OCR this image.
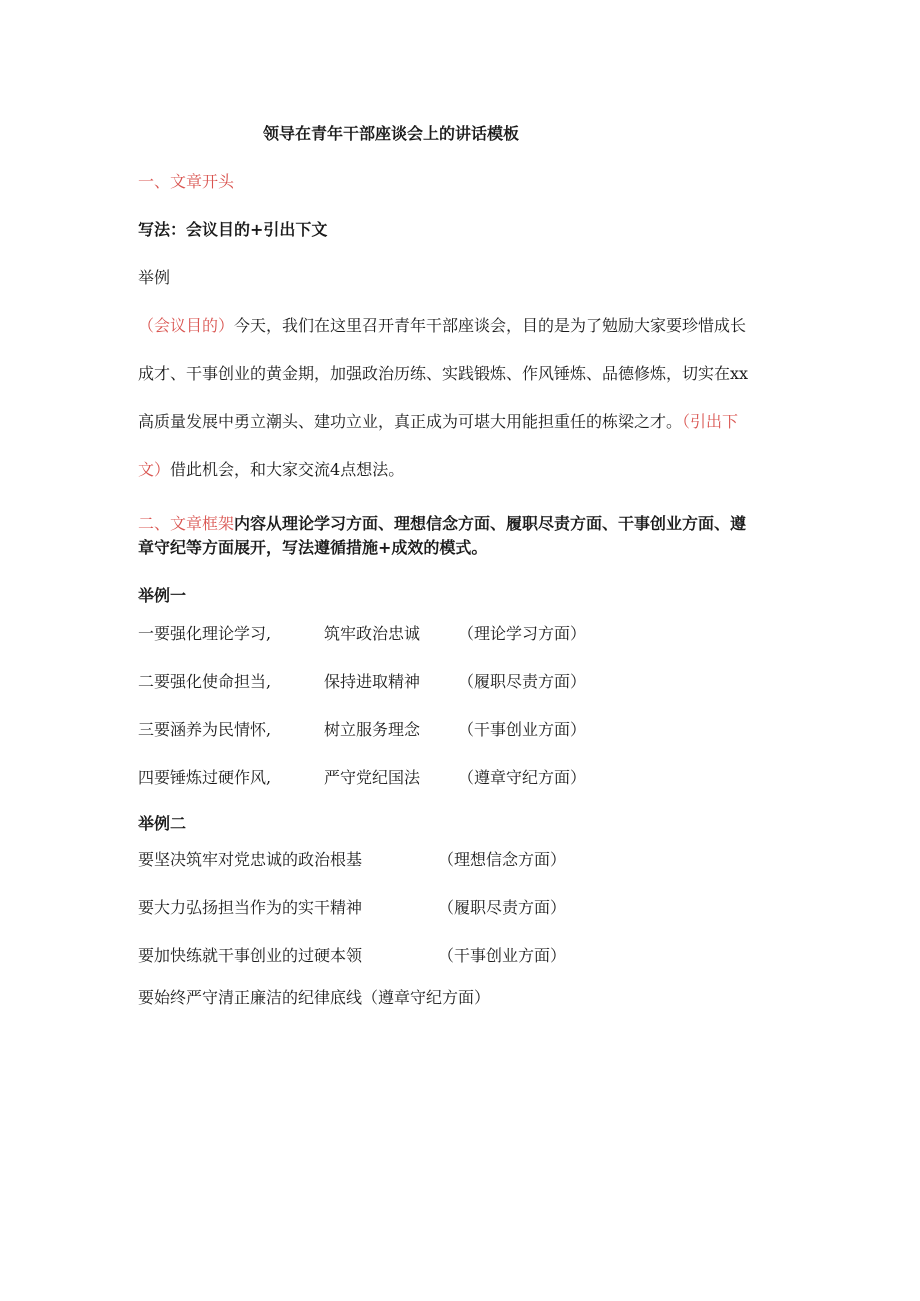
领导在青年干部座谈会上的讲话模板
一、文章开头
写法：会议目的+引出下文
举例
（会议目的）今天，我们在这里召开青年干部座谈会，目的是为了勉励大家要珍惜成长
成才、干事创业的黄金期，加强政治历练、实践锻炼、作风锤炼、品德修炼，切实在xx
高质量发展中勇立潮头、建功立业，真正成为可堪大用能担重任的栋梁之才。（引出下
文）借此机会，和大家交流4点想法。
二、文章框架内容从理论学习方面、理想信念方面、履职尽责方面、干事创业方面、遵
章守纪等方面展开，写法遵循措施+成效的模式。
举例一
一要强化理论学习,	筑牢政治忠诚 （理论学习方面）
二要强化使命担当,	保持进取精神 （履职尽责方面）
三要涵养为民情怀,	树立服务理念 （干事创业方面）
四要锤炼过硬作风,	严守党纪国法 （遵章守纪方面）
举例二
要坚决筑牢对党忠诚的政治根基	（理想信念方面）
要大力弘扬担当作为的实干精神	（履职尽责方面）
要加快练就干事创业的过硬本领	（干事创业方面）
要始终严守清正廉洁的纪律底线（遵章守纪方面）
